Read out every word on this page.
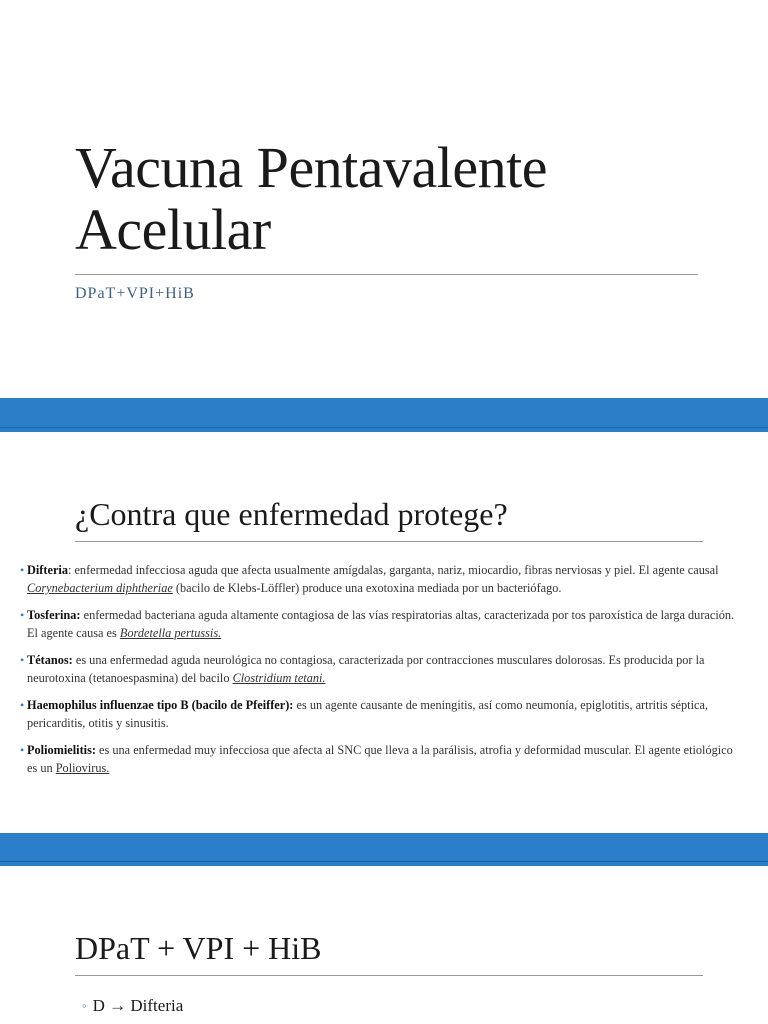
Vacuna Pentavalente
Acelular
DPaT+VPI+HiB
¿Contra que enfermedad protege?
• Difteria: enfermedad infecciosa aguda que afecta usualmente amígdalas, garganta, nariz, miocardio, fibras nerviosas y piel. El agente causal Corynebacterium diphtheriae (bacilo de Klebs-Löffler) produce una exotoxina mediada por un bacteriófago.
• Tosferina: enfermedad bacteriana aguda altamente contagiosa de las vías respiratorias altas, caracterizada por tos paroxística de larga duración. El agente causa es Bordetella pertussis.
• Tétanos: es una enfermedad aguda neurológica no contagiosa, caracterizada por contracciones musculares dolorosas. Es producida por la neurotoxina (tetanoespasmina) del bacilo Clostridium tetani.
• Haemophilus influenzae tipo B (bacilo de Pfeiffer): es un agente causante de meningitis, así como neumonía, epiglotitis, artritis séptica, pericarditis, otitis y sinusitis.
• Poliomielitis: es una enfermedad muy infecciosa que afecta al SNC que lleva a la parálisis, atrofia y deformidad muscular. El agente etiológico es un Poliovirus.
DPaT + VPI + HiB
◦ D → Difteria
